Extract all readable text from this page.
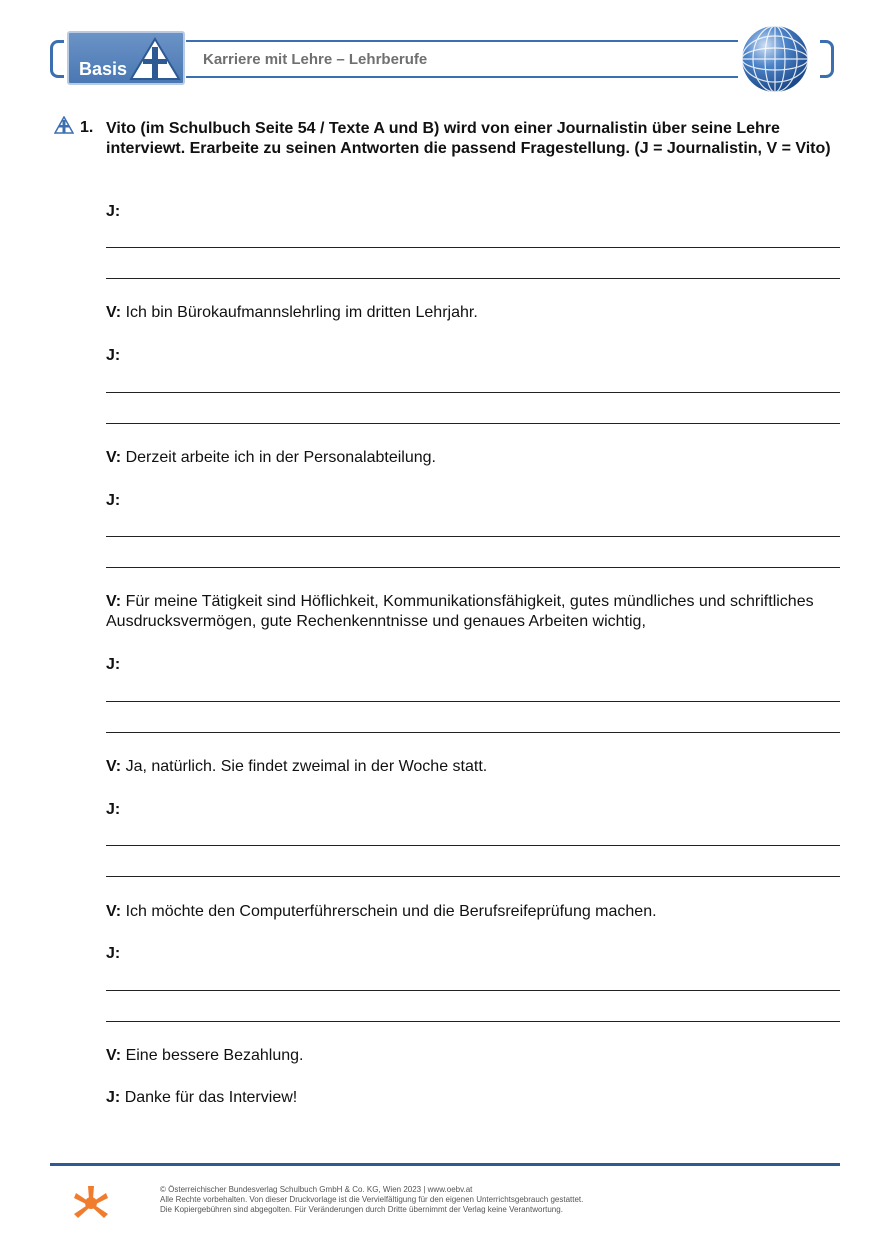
Basis	Karriere mit Lehre – Lehrberufe
1. Vito (im Schulbuch Seite 54 / Texte A und B) wird von einer Journalistin über seine Lehre interviewt. Erarbeite zu seinen Antworten die passend Fragestellung. (J = Journalistin, V = Vito)
J:
V: Ich bin Bürokaufmannslehrling im dritten Lehrjahr.
J:
V: Derzeit arbeite ich in der Personalabteilung.
J:
V: Für meine Tätigkeit sind Höflichkeit, Kommunikationsfähigkeit, gutes mündliches und schriftliches Ausdrucksvermögen, gute Rechenkenntnisse und genaues Arbeiten wichtig,
J:
V: Ja, natürlich. Sie findet zweimal in der Woche statt.
J:
V: Ich möchte den Computerführerschein und die Berufsreifeprüfung machen.
J:
V: Eine bessere Bezahlung.
J: Danke für das Interview!
© Österreichischer Bundesverlag Schulbuch GmbH & Co. KG, Wien 2023 | www.oebv.at
Alle Rechte vorbehalten. Von dieser Druckvorlage ist die Vervielfältigung für den eigenen Unterrichtsgebrauch gestattet.
Die Kopiergebühren sind abgegolten. Für Veränderungen durch Dritte übernimmt der Verlag keine Verantwortung.
